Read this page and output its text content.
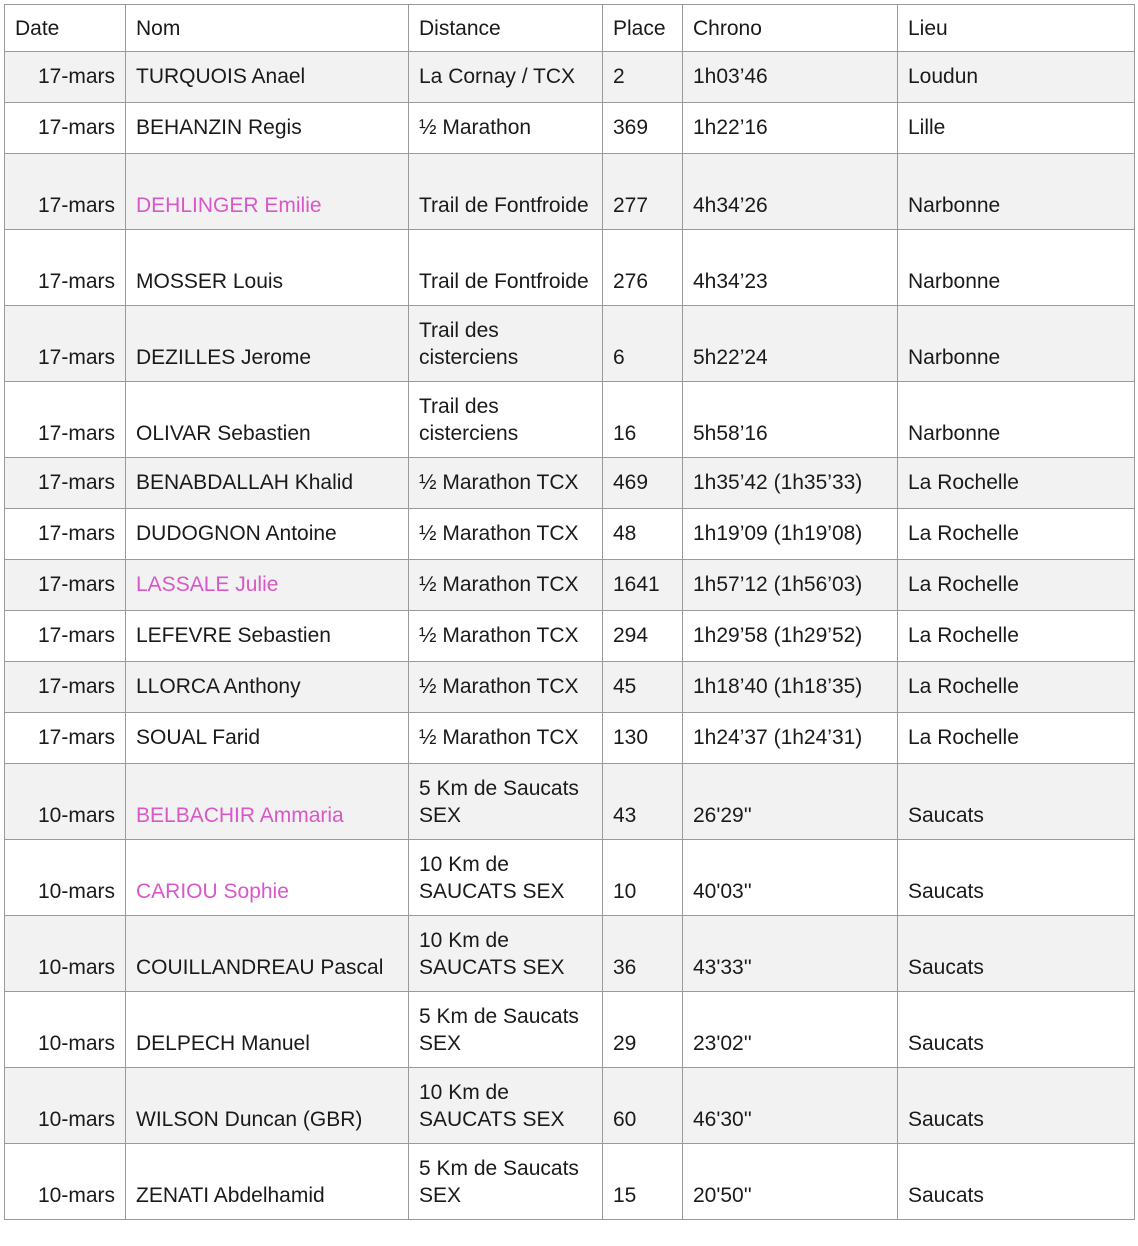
Date	Nom	Distance	Place	Chrono	Lieu
17-mars	TURQUOIS Anael	La Cornay / TCX	2	1h03’46	Loudun
17-mars	BEHANZIN Regis	½ Marathon	369	1h22’16	Lille
17-mars	DEHLINGER Emilie	Trail de Fontfroide	277	4h34’26	Narbonne
17-mars	MOSSER Louis	Trail de Fontfroide	276	4h34’23	Narbonne
17-mars	DEZILLES Jerome	Trail des cisterciens	6	5h22’24	Narbonne
17-mars	OLIVAR Sebastien	Trail des cisterciens	16	5h58’16	Narbonne
17-mars	BENABDALLAH Khalid	½ Marathon TCX	469	1h35’42 (1h35’33)	La Rochelle
17-mars	DUDOGNON Antoine	½ Marathon TCX	48	1h19’09 (1h19’08)	La Rochelle
17-mars	LASSALE Julie	½ Marathon TCX	1641	1h57’12 (1h56’03)	La Rochelle
17-mars	LEFEVRE Sebastien	½ Marathon TCX	294	1h29’58 (1h29’52)	La Rochelle
17-mars	LLORCA Anthony	½ Marathon TCX	45	1h18’40 (1h18’35)	La Rochelle
17-mars	SOUAL Farid	½ Marathon TCX	130	1h24’37 (1h24’31)	La Rochelle
10-mars	BELBACHIR Ammaria	5 Km de Saucats SEX	43	26'29''	Saucats
10-mars	CARIOU Sophie	10 Km de SAUCATS SEX	10	40'03''	Saucats
10-mars	COUILLANDREAU Pascal	10 Km de SAUCATS SEX	36	43'33''	Saucats
10-mars	DELPECH Manuel	5 Km de Saucats SEX	29	23'02''	Saucats
10-mars	WILSON Duncan (GBR)	10 Km de SAUCATS SEX	60	46'30''	Saucats
10-mars	ZENATI Abdelhamid	5 Km de Saucats SEX	15	20'50''	Saucats
